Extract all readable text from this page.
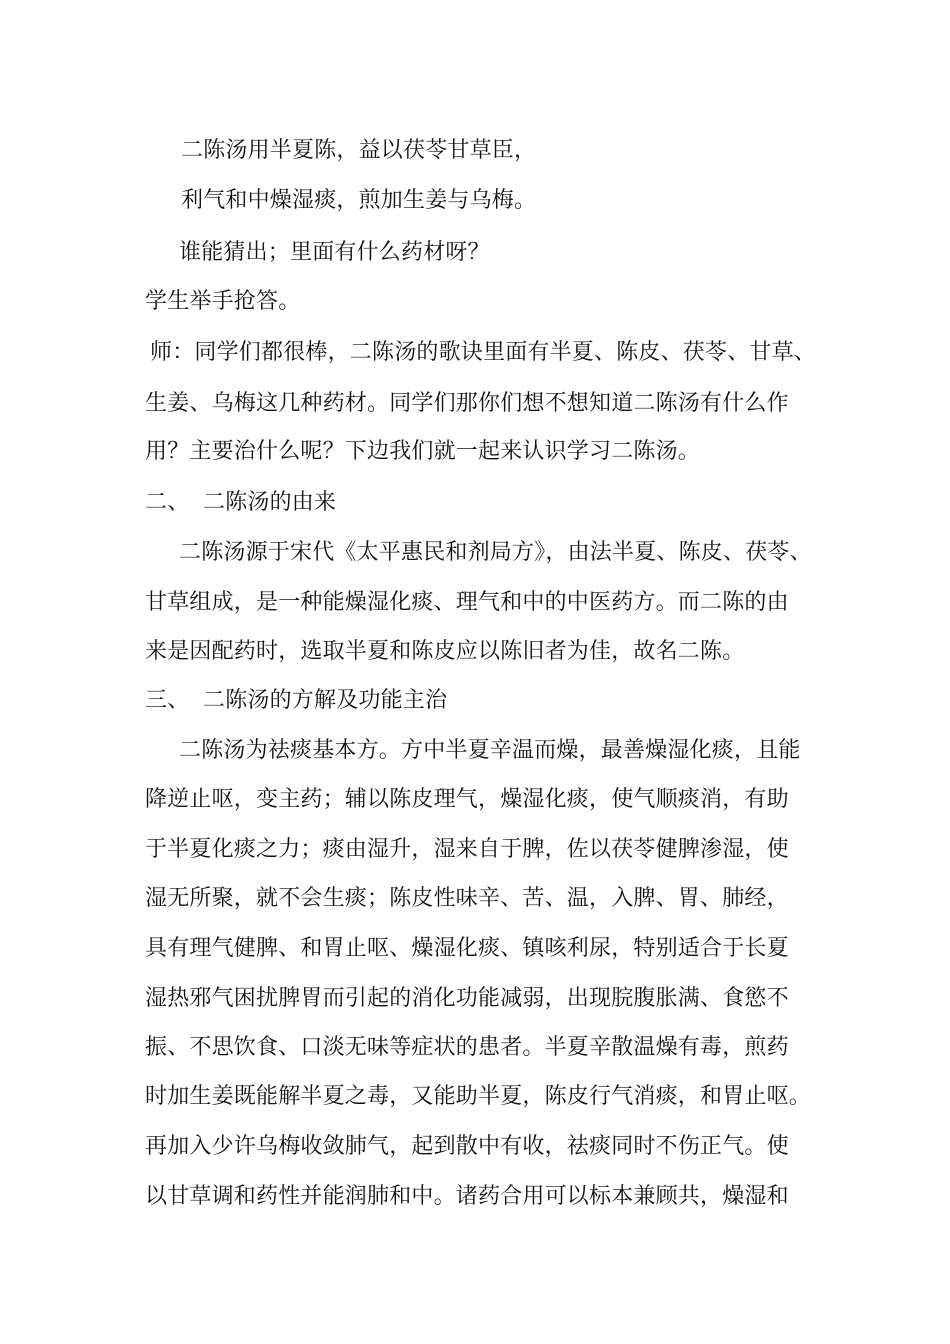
二陈汤用半夏陈，益以茯苓甘草臣，
利气和中燥湿痰，煎加生姜与乌梅。
谁能猜出；里面有什么药材呀？
学生举手抢答。
师：同学们都很棒，二陈汤的歌诀里面有半夏、陈皮、茯苓、甘草、
生姜、乌梅这几种药材。同学们那你们想不想知道二陈汤有什么作
用？主要治什么呢？下边我们就一起来认识学习二陈汤。
二、 二陈汤的由来
二陈汤源于宋代《太平惠民和剂局方》，由法半夏、陈皮、茯苓、
甘草组成，是一种能燥湿化痰、理气和中的中医药方。而二陈的由
来是因配药时，选取半夏和陈皮应以陈旧者为佳，故名二陈。
三、 二陈汤的方解及功能主治
二陈汤为祛痰基本方。方中半夏辛温而燥，最善燥湿化痰，且能
降逆止呕，变主药；辅以陈皮理气，燥湿化痰，使气顺痰消，有助
于半夏化痰之力；痰由湿升，湿来自于脾，佐以茯苓健脾渗湿，使
湿无所聚，就不会生痰；陈皮性味辛、苦、温，入脾、胃、肺经，
具有理气健脾、和胃止呕、燥湿化痰、镇咳利尿，特别适合于长夏
湿热邪气困扰脾胃而引起的消化功能减弱，出现脘腹胀满、食慾不
振、不思饮食、口淡无味等症状的患者。半夏辛散温燥有毒，煎药
时加生姜既能解半夏之毒，又能助半夏，陈皮行气消痰，和胃止呕。
再加入少许乌梅收敛肺气，起到散中有收，祛痰同时不伤正气。使
以甘草调和药性并能润肺和中。诸药合用可以标本兼顾共，燥湿和
